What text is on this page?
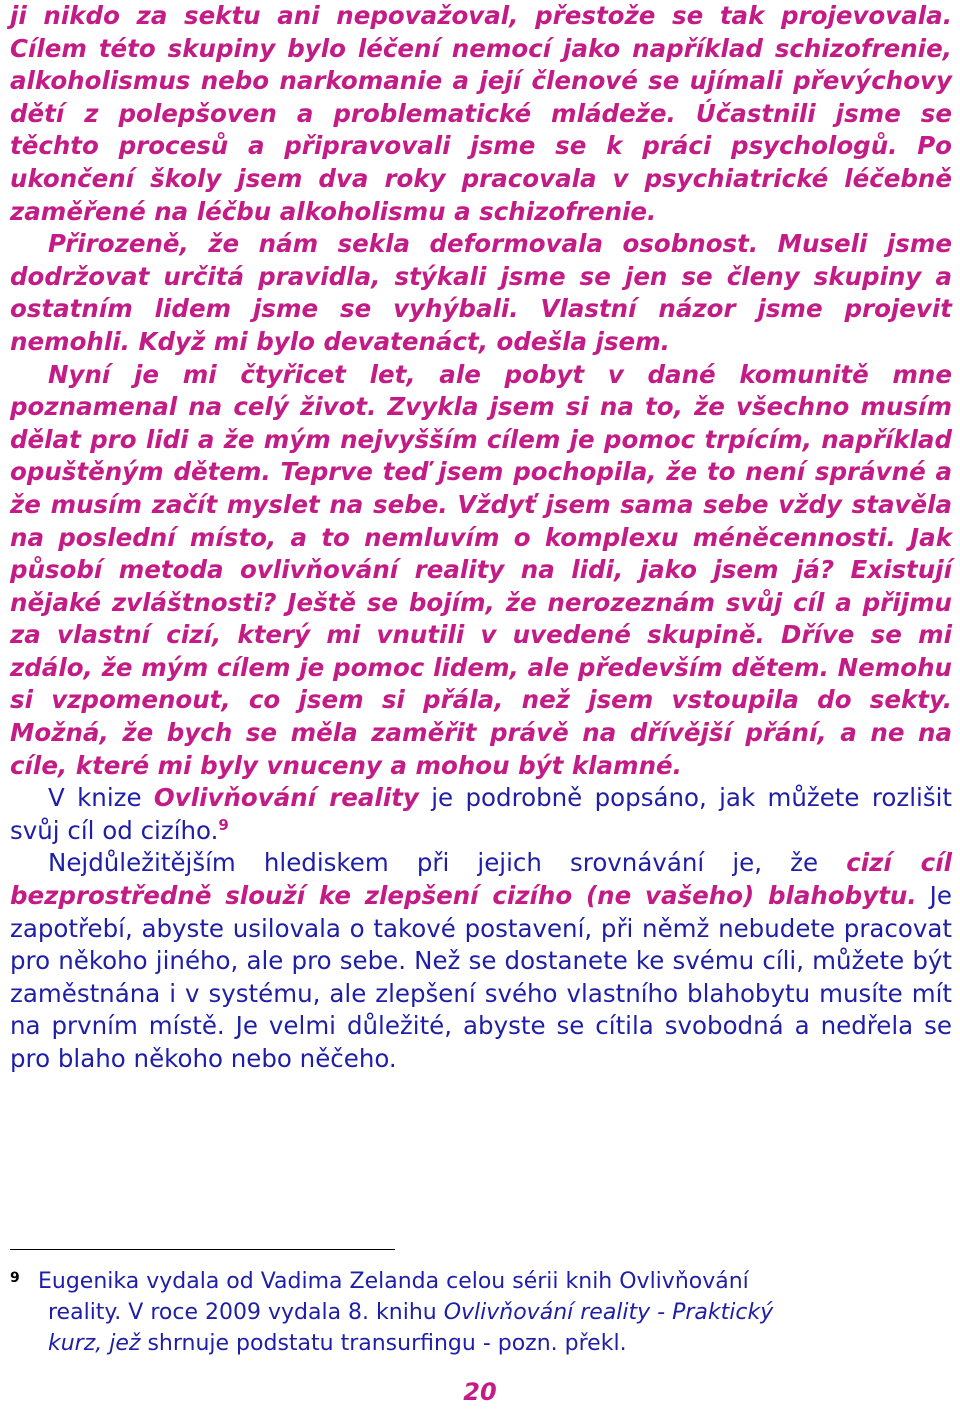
ji nikdo za sektu ani nepovažoval, přestože se tak projevovala. Cílem této skupiny bylo léčení nemocí jako například schizofrenie, alkoholismus nebo narkomanie a její členové se ujímali převýchovy dětí z polepšoven a problematické mládeže. Účastnili jsme se těchto procesů a připravovali jsme se k práci psychologů. Po ukončení školy jsem dva roky pracovala v psychiatrické léčebně zaměřené na léčbu alkoholismu a schizofrenie.

Přirozeně, že nám sekla deformovala osobnost. Museli jsme dodržovat určitá pravidla, stýkali jsme se jen se členy skupiny a ostatním lidem jsme se vyhýbali. Vlastní názor jsme projevit nemohli. Když mi bylo devatenáct, odešla jsem.

Nyní je mi čtyřicet let, ale pobyt v dané komunitě mne poznamenal na celý život. Zvykla jsem si na to, že všechno musím dělat pro lidi a že mým nejvyšším cílem je pomoc trpícím, například opuštěným dětem. Teprve teď jsem pochopila, že to není správné a že musím začít myslet na sebe. Vždyť jsem sama sebe vždy stavěla na poslední místo, a to nemluvím o komplexu méněcennosti. Jak působí metoda ovlivňování reality na lidi, jako jsem já? Existují nějaké zvláštnosti? Ještě se bojím, že nerozeznám svůj cíl a přijmu za vlastní cizí, který mi vnutili v uvedené skupině. Dříve se mi zdálo, že mým cílem je pomoc lidem, ale především dětem. Nemohu si vzpomenout, co jsem si přála, než jsem vstoupila do sekty. Možná, že bych se měla zaměřit právě na dřívější přání, a ne na cíle, které mi byly vnuceny a mohou být klamné.

V knize Ovlivňování reality je podrobně popsáno, jak můžete rozlišit svůj cíl od cizího.$^9$

Nejdůležitějším hlediskem při jejich srovnávání je, že cizí cíl bezprostředně slouží ke zlepšení cizího (ne vašeho) blahobytu. Je zapotřebí, abyste usilovala o takové postavení, při němž nebudete pracovat pro někoho jiného, ale pro sebe. Než se dostanete ke svému cíli, můžete být zaměstnána i v systému, ale zlepšení svého vlastního blahobytu musíte mít na prvním místě. Je velmi důležité, abyste se cítila svobodná a nedřela se pro blaho někoho nebo něčeho.

9 Eugenika vydala od Vadima Zelanda celou sérii knih Ovlivňování
reality. V roce 2009 vydala 8. knihu Ovlivňování reality - Praktický
kurz, jež shrnuje podstatu transurfingu - pozn. překl.
20
